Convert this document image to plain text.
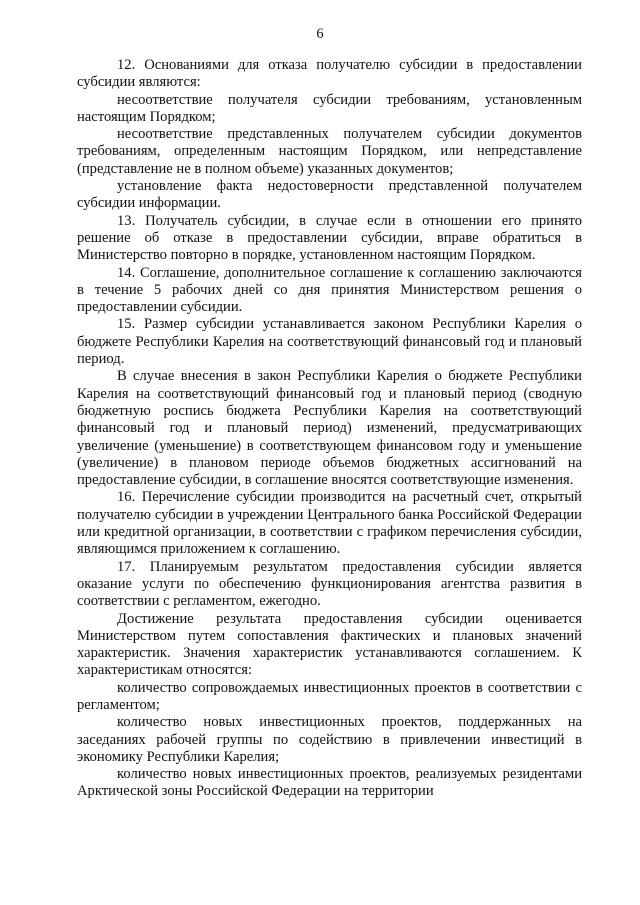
6

12. Основаниями для отказа получателю субсидии в предоставлении субсидии являются:

несоответствие получателя субсидии требованиям, установленным настоящим Порядком;

несоответствие представленных получателем субсидии документов требованиям, определенным настоящим Порядком, или непредставление (представление не в полном объеме) указанных документов;

установление факта недостоверности представленной получателем субсидии информации.

13. Получатель субсидии, в случае если в отношении его принято решение об отказе в предоставлении субсидии, вправе обратиться в Министерство повторно в порядке, установленном настоящим Порядком.

14. Соглашение, дополнительное соглашение к соглашению заключаются в течение 5 рабочих дней со дня принятия Министерством решения о предоставлении субсидии.

15. Размер субсидии устанавливается законом Республики Карелия о бюджете Республики Карелия на соответствующий финансовый год и плановый период.

В случае внесения в закон Республики Карелия о бюджете Республики Карелия на соответствующий финансовый год и плановый период (сводную бюджетную роспись бюджета Республики Карелия на соответствующий финансовый год и плановый период) изменений, предусматривающих увеличение (уменьшение) в соответствующем финансовом году и уменьшение (увеличение) в плановом периоде объемов бюджетных ассигнований на предоставление субсидии, в соглашение вносятся соответствующие изменения.

16. Перечисление субсидии производится на расчетный счет, открытый получателю субсидии в учреждении Центрального банка Российской Федерации или кредитной организации, в соответствии с графиком перечисления субсидии, являющимся приложением к соглашению.

17. Планируемым результатом предоставления субсидии является оказание услуги по обеспечению функционирования агентства развития в соответствии с регламентом, ежегодно.

Достижение результата предоставления субсидии оценивается Министерством путем сопоставления фактических и плановых значений характеристик. Значения характеристик устанавливаются соглашением. К характеристикам относятся:

количество сопровождаемых инвестиционных проектов в соответствии с регламентом;

количество новых инвестиционных проектов, поддержанных на заседаниях рабочей группы по содействию в привлечении инвестиций в экономику Республики Карелия;

количество новых инвестиционных проектов, реализуемых резидентами Арктической зоны Российской Федерации на территории
